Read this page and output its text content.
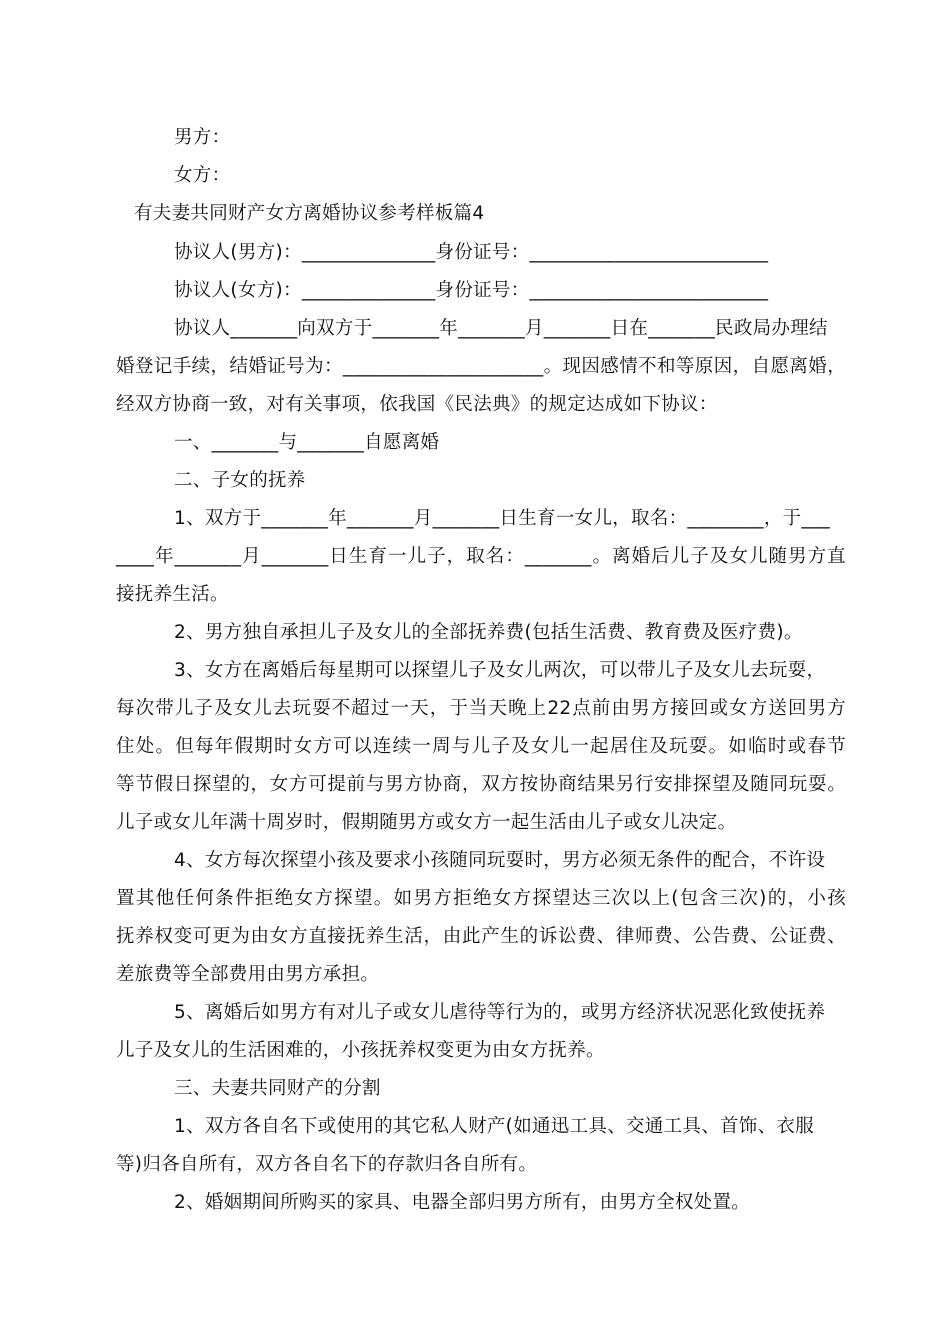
男方：
女方：
有夫妻共同财产女方离婚协议参考样板篇4
协议人(男方)：______________身份证号：_________________________
协议人(女方)：______________身份证号：_________________________
协议人_______向双方于_______年_______月_______日在_______民政局办理结
婚登记手续，结婚证号为：_____________________。现因感情不和等原因，自愿离婚，
经双方协商一致，对有关事项，依我国《民法典》的规定达成如下协议：
一、_______与_______自愿离婚
二、子女的抚养
1、双方于_______年_______月_______日生育一女儿，取名：________，于___
____年_______月_______日生育一儿子，取名：_______。离婚后儿子及女儿随男方直
接抚养生活。
2、男方独自承担儿子及女儿的全部抚养费(包括生活费、教育费及医疗费)。
3、女方在离婚后每星期可以探望儿子及女儿两次，可以带儿子及女儿去玩耍，
每次带儿子及女儿去玩耍不超过一天，于当天晚上22点前由男方接回或女方送回男方
住处。但每年假期时女方可以连续一周与儿子及女儿一起居住及玩耍。如临时或春节
等节假日探望的，女方可提前与男方协商，双方按协商结果另行安排探望及随同玩耍。
儿子或女儿年满十周岁时，假期随男方或女方一起生活由儿子或女儿决定。
4、女方每次探望小孩及要求小孩随同玩耍时，男方必须无条件的配合，不许设
置其他任何条件拒绝女方探望。如男方拒绝女方探望达三次以上(包含三次)的，小孩
抚养权变可更为由女方直接抚养生活，由此产生的诉讼费、律师费、公告费、公证费、
差旅费等全部费用由男方承担。
5、离婚后如男方有对儿子或女儿虐待等行为的，或男方经济状况恶化致使抚养
儿子及女儿的生活困难的，小孩抚养权变更为由女方抚养。
三、夫妻共同财产的分割
1、双方各自名下或使用的其它私人财产(如通迅工具、交通工具、首饰、衣服
等)归各自所有，双方各自名下的存款归各自所有。
2、婚姻期间所购买的家具、电器全部归男方所有，由男方全权处置。
